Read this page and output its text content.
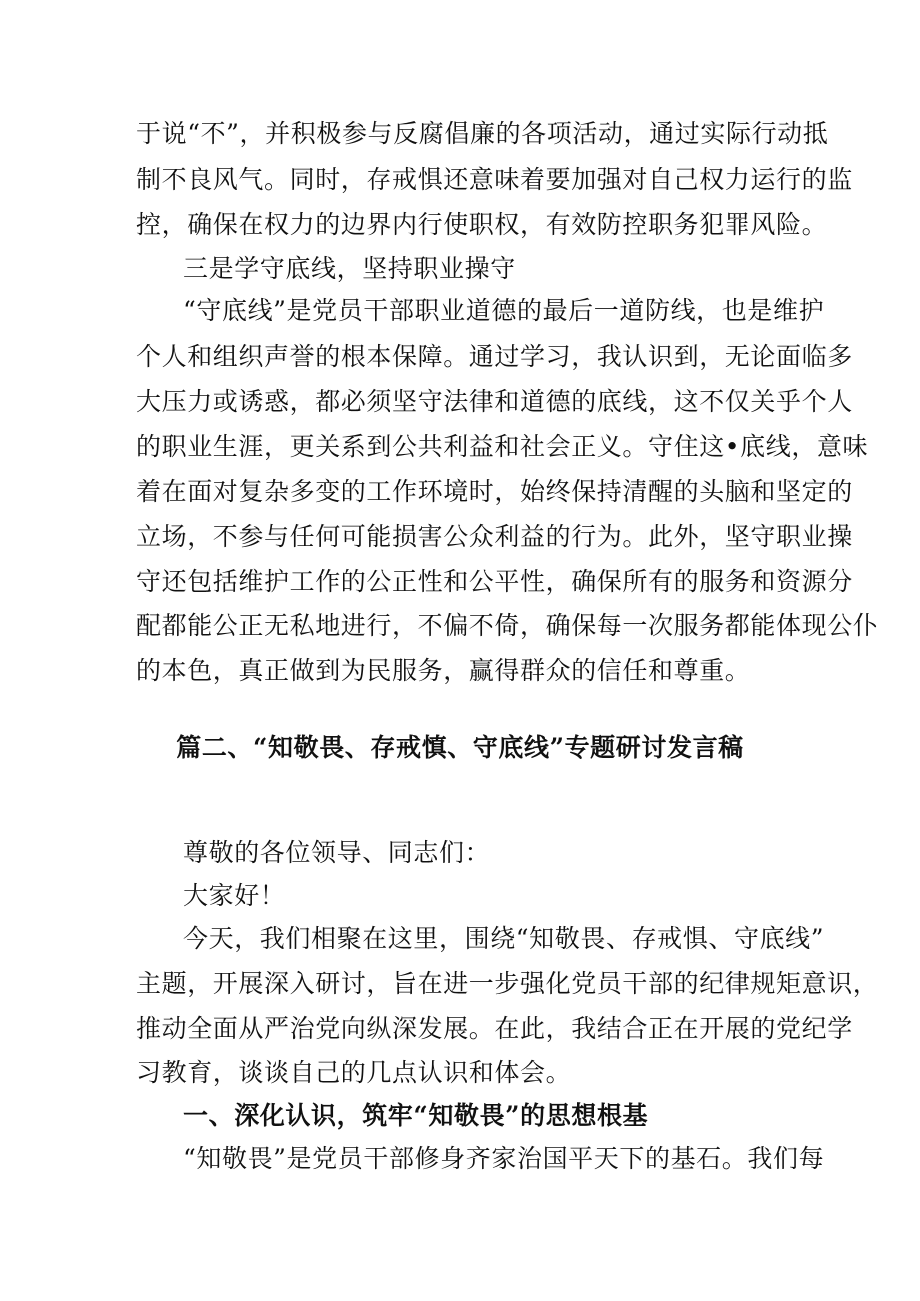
于说“不”，并积极参与反腐倡廉的各项活动，通过实际行动抵
制不良风气。同时，存戒惧还意味着要加强对自己权力运行的监
控，确保在权力的边界内行使职权，有效防控职务犯罪风险。
三是学守底线，坚持职业操守
“守底线”是党员干部职业道德的最后一道防线，也是维护
个人和组织声誉的根本保障。通过学习，我认识到，无论面临多
大压力或诱惑，都必须坚守法律和道德的底线，这不仅关乎个人
的职业生涯，更关系到公共利益和社会正义。守住这•底线，意味
着在面对复杂多变的工作环境时，始终保持清醒的头脑和坚定的
立场，不参与任何可能损害公众利益的行为。此外，坚守职业操
守还包括维护工作的公正性和公平性，确保所有的服务和资源分
配都能公正无私地进行，不偏不倚，确保每一次服务都能体现公仆
的本色，真正做到为民服务，赢得群众的信任和尊重。
篇二、“知敬畏、存戒慎、守底线”专题研讨发言稿
尊敬的各位领导、同志们：
大家好！
今天，我们相聚在这里，围绕“知敬畏、存戒惧、守底线”
主题，开展深入研讨，旨在进一步强化党员干部的纪律规矩意识，
推动全面从严治党向纵深发展。在此，我结合正在开展的党纪学
习教育，谈谈自己的几点认识和体会。
一、深化认识，筑牢“知敬畏”的思想根基
“知敬畏”是党员干部修身齐家治国平天下的基石。我们每
